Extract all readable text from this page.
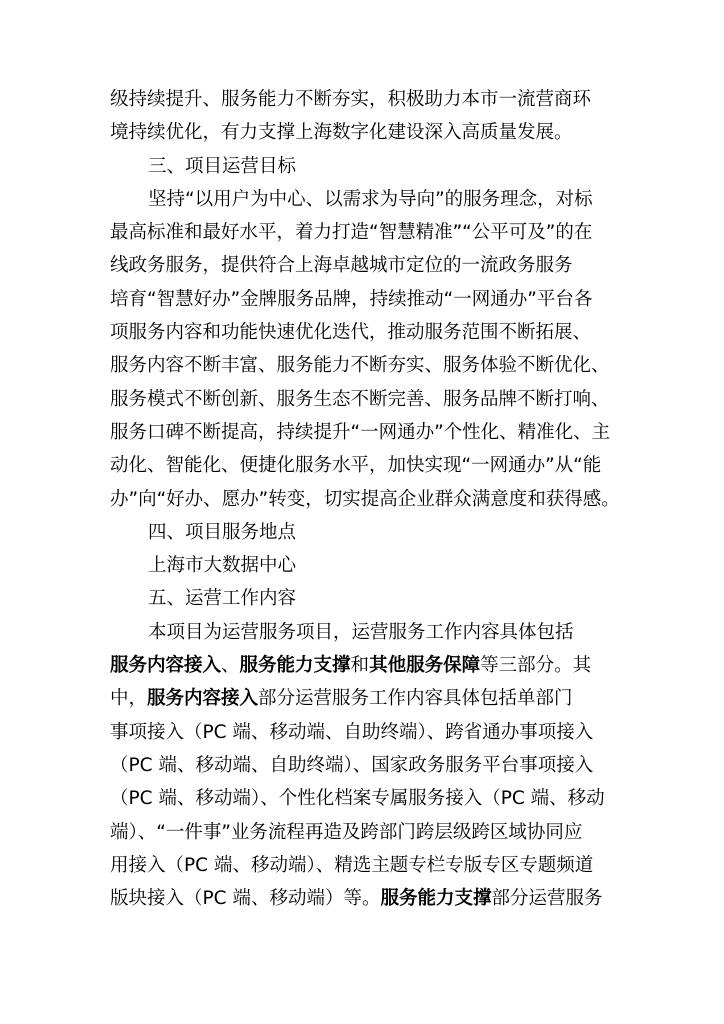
级持续提升、服务能力不断夯实，积极助力本市一流营商环
境持续优化，有力支撑上海数字化建设深入高质量发展。
三、项目运营目标
坚持“以用户为中心、以需求为导向”的服务理念，对标
最高标准和最好水平，着力打造“智慧精准”“公平可及”的在
线政务服务，提供符合上海卓越城市定位的一流政务服务
培育“智慧好办”金牌服务品牌，持续推动“一网通办”平台各
项服务内容和功能快速优化迭代，推动服务范围不断拓展、
服务内容不断丰富、服务能力不断夯实、服务体验不断优化、
服务模式不断创新、服务生态不断完善、服务品牌不断打响、
服务口碑不断提高，持续提升“一网通办”个性化、精准化、主
动化、智能化、便捷化服务水平，加快实现“一网通办”从“能
办”向“好办、愿办”转变，切实提高企业群众满意度和获得感。
四、项目服务地点
上海市大数据中心
五、运营工作内容
本项目为运营服务项目，运营服务工作内容具体包括
服务内容接入、服务能力支撑和其他服务保障等三部分。其
中，服务内容接入部分运营服务工作内容具体包括单部门
事项接入（PC 端、移动端、自助终端）、跨省通办事项接入
（PC 端、移动端、自助终端）、国家政务服务平台事项接入
（PC 端、移动端）、个性化档案专属服务接入（PC 端、移动
端）、“一件事”业务流程再造及跨部门跨层级跨区域协同应
用接入（PC 端、移动端）、精选主题专栏专版专区专题频道
版块接入（PC 端、移动端）等。服务能力支撑部分运营服务
